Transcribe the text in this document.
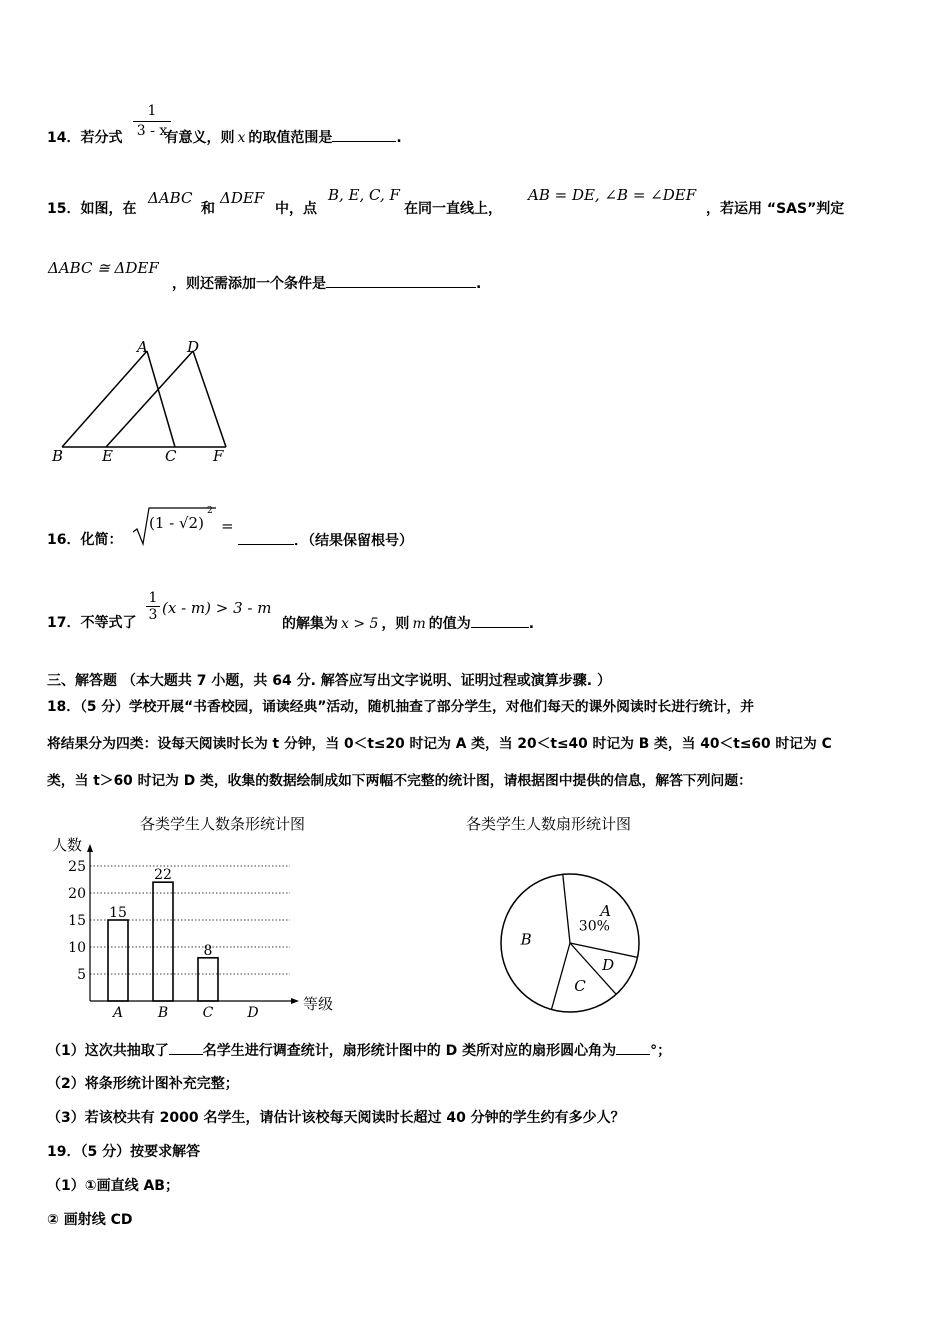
14．若分式	有意义，则 x 的取值范围是	.
1
3 - x
15．如图，在
ΔABC
和
ΔDEF
中，点
B, E, C, F
在同一直线上，
AB = DE, ∠B = ∠DEF
，若运用 “SAS”判定
ΔABC ≅ ΔDEF
，则还需添加一个条件是	.
A	D
B	E	C F
16．化简：
(1 - √2)
2
=
．（结果保留根号）
17．不等式了
1
3 (x - m) > 3 - m
的解集为 x > 5 ，则 m 的值为	.
三、解答题 （本大题共 7 小题，共 64 分. 解答应写出文字说明、证明过程或演算步骤. ）
18．（5 分）学校开展“书香校园，诵读经典”活动，随机抽查了部分学生，对他们每天的课外阅读时长进行统计，并
将结果分为四类：设每天阅读时长为 t 分钟，当 0＜t≤20 时记为 A 类，当 20＜t≤40 时记为 B 类，当 40＜t≤60 时记为 C
类，当 t＞60 时记为 D 类，收集的数据绘制成如下两幅不完整的统计图，请根据图中提供的信息，解答下列问题：
各类学生人数条形统计图
人数
等级
5
10
15
20
25
15
A
22
B
8
C D
各类学生人数扇形统计图
A
D
C
B
30%
（1）这次共抽取了 名学生进行调查统计，扇形统计图中的 D 类所对应的扇形圆心角为 °；
（2）将条形统计图补充完整；
（3）若该校共有 2000 名学生，请估计该校每天阅读时长超过 40 分钟的学生约有多少人？
19．（5 分）按要求解答
（1）①画直线 AB；
② 画射线 CD
